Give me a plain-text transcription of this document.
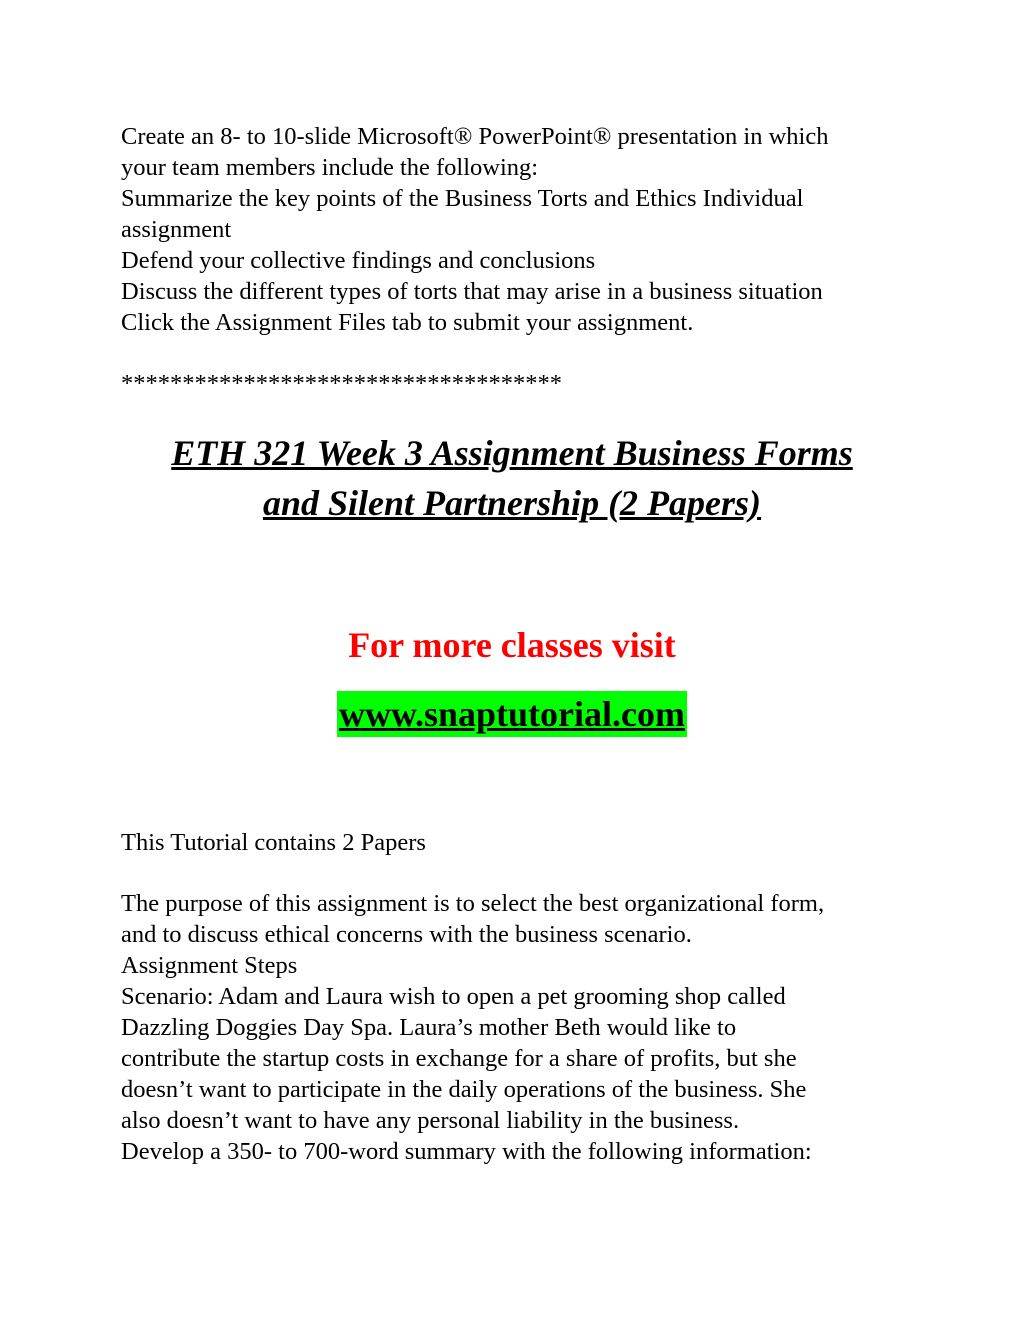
Create an 8- to 10-slide Microsoft® PowerPoint® presentation in which
your team members include the following:
Summarize the key points of the Business Torts and Ethics Individual
assignment
Defend your collective findings and conclusions
Discuss the different types of torts that may arise in a business situation
Click the Assignment Files tab to submit your assignment.
************************************
ETH 321 Week 3 Assignment Business Forms
and Silent Partnership (2 Papers)
For more classes visit
www.snaptutorial.com
This Tutorial contains 2 Papers
The purpose of this assignment is to select the best organizational form,
and to discuss ethical concerns with the business scenario.
Assignment Steps
Scenario: Adam and Laura wish to open a pet grooming shop called
Dazzling Doggies Day Spa. Laura’s mother Beth would like to
contribute the startup costs in exchange for a share of profits, but she
doesn’t want to participate in the daily operations of the business. She
also doesn’t want to have any personal liability in the business.
Develop a 350- to 700-word summary with the following information:
